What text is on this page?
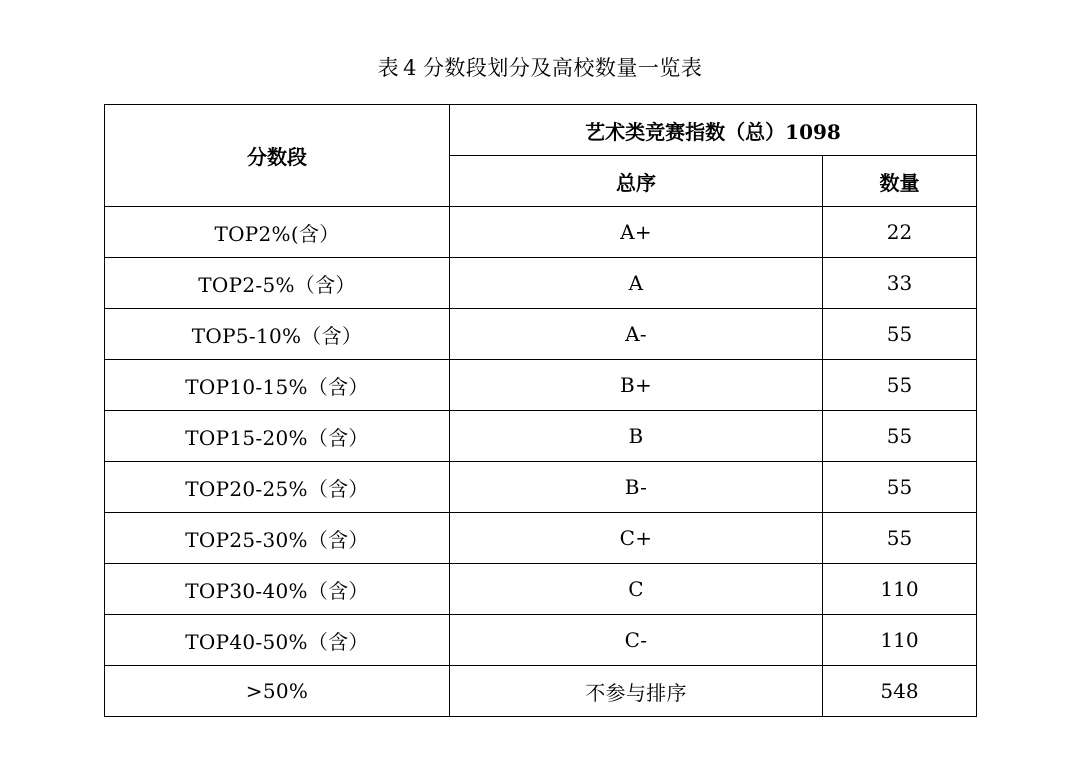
表 4 分数段划分及高校数量一览表
分数段	艺术类竞赛指数（总）1098	
	总序	数量
TOP2%(含）	A+	22
TOP2-5%（含）	A	33
TOP5-10%（含）	A-	55
TOP10-15%（含）	B+	55
TOP15-20%（含）	B	55
TOP20-25%（含）	B-	55
TOP25-30%（含）	C+	55
TOP30-40%（含）	C	110
TOP40-50%（含）	C-	110
>50%	不参与排序	548
